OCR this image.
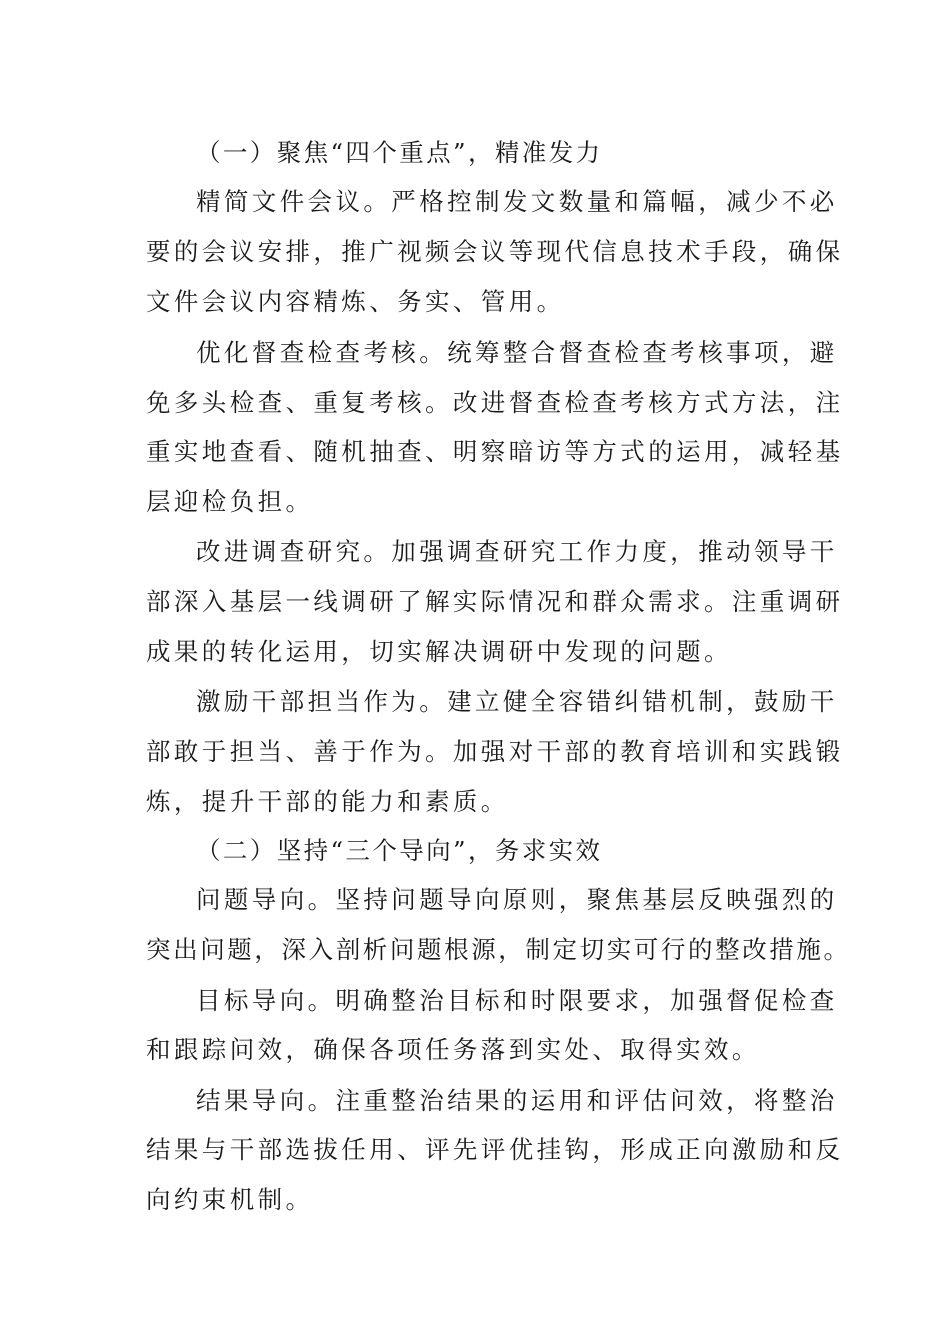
（一）聚焦“四个重点”，精准发力
精简文件会议。严格控制发文数量和篇幅，减少不必
要的会议安排，推广视频会议等现代信息技术手段，确保
文件会议内容精炼、务实、管用。
优化督查检查考核。统筹整合督查检查考核事项，避
免多头检查、重复考核。改进督查检查考核方式方法，注
重实地查看、随机抽查、明察暗访等方式的运用，减轻基
层迎检负担。
改进调查研究。加强调查研究工作力度，推动领导干
部深入基层一线调研了解实际情况和群众需求。注重调研
成果的转化运用，切实解决调研中发现的问题。
激励干部担当作为。建立健全容错纠错机制，鼓励干
部敢于担当、善于作为。加强对干部的教育培训和实践锻
炼，提升干部的能力和素质。
（二）坚持“三个导向”，务求实效
问题导向。坚持问题导向原则，聚焦基层反映强烈的
突出问题，深入剖析问题根源，制定切实可行的整改措施。
目标导向。明确整治目标和时限要求，加强督促检查
和跟踪问效，确保各项任务落到实处、取得实效。
结果导向。注重整治结果的运用和评估问效，将整治
结果与干部选拔任用、评先评优挂钩，形成正向激励和反
向约束机制。
